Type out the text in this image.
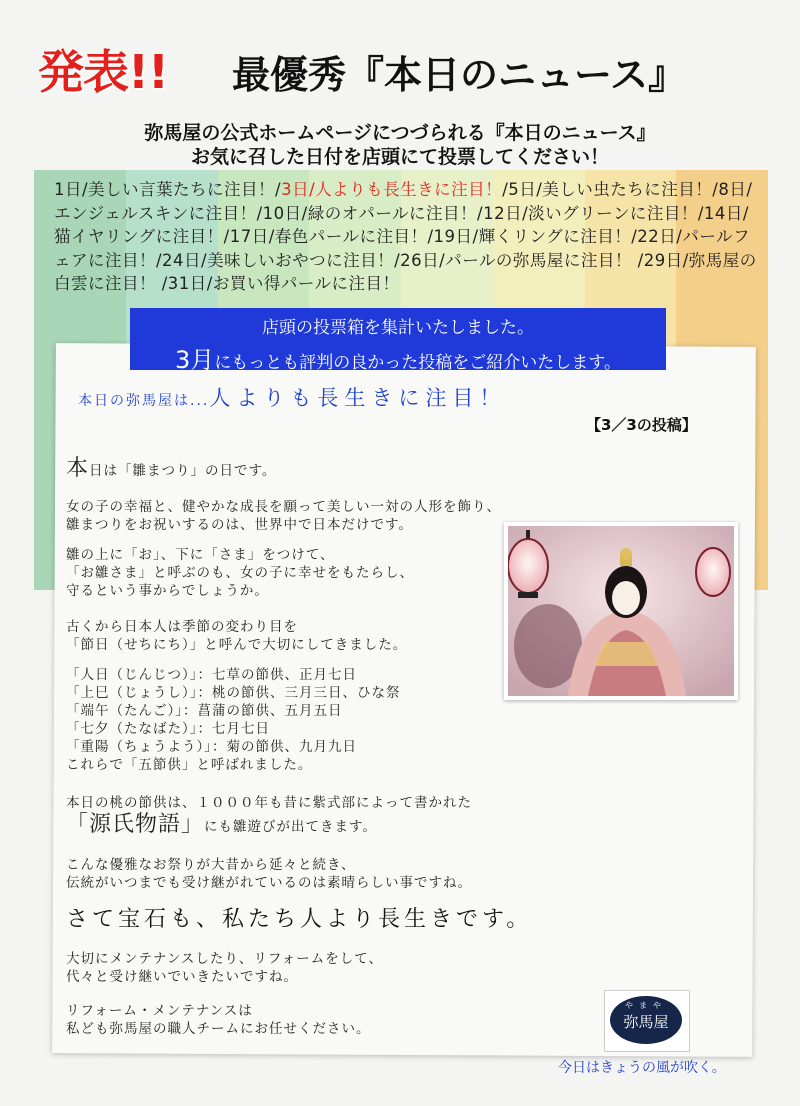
発表!! 最優秀『本日のニュース』
弥馬屋の公式ホームページにつづられる『本日のニュース』
お気に召した日付を店頭にて投票してください！
1日/美しい言葉たちに注目！/3日/人よりも長生きに注目！/5日/美しい虫たちに注目！/8日/エンジェルスキンに注目！/10日/緑のオパールに注目！/12日/淡いグリーンに注目！/14日/猫イヤリングに注目！/17日/春色パールに注目！/19日/輝くリングに注目！/22日/パールフェアに注目！/24日/美味しいおやつに注目！/26日/パールの弥馬屋に注目！ /29日/弥馬屋の白雲に注目！ /31日/お買い得パールに注目！
店頭の投票箱を集計いたしました。
3月にもっとも評判の良かった投稿をご紹介いたします。
本日の弥馬屋は...人よりも長生きに注目！
【3／3の投稿】
本日は「雛まつり」の日です。

女の子の幸福と、健やかな成長を願って美しい一対の人形を飾り、

雛まつりをお祝いするのは、世界中で日本だけです。

雛の上に「お」、下に「さま」をつけて、

「お雛さま」と呼ぶのも、女の子に幸せをもたらし、

守るという事からでしょうか。

古くから日本人は季節の変わり目を

「節日（せちにち）」と呼んで大切にしてきました。

「人日（じんじつ）」：七草の節供、正月七日

「上巳（じょうし）」：桃の節供、三月三日、ひな祭

「端午（たんご）」：菖蒲の節供、五月五日

「七夕（たなばた）」：七月七日

「重陽（ちょうよう）」：菊の節供、九月九日

これらで「五節供」と呼ばれました。

本日の桃の節供は、１０００年も昔に紫式部によって書かれた

「源氏物語」にも雛遊びが出てきます。

こんな優雅なお祭りが大昔から延々と続き、

伝統がいつまでも受け継がれているのは素晴らしい事ですね。

さて宝石も、私たち人より長生きです。

大切にメンテナンスしたり、リフォームをして、

代々と受け継いでいきたいですね。

リフォーム・メンテナンスは

私ども弥馬屋の職人チームにお任せください。

やまや
弥馬屋
今日はきょうの風が吹く。
